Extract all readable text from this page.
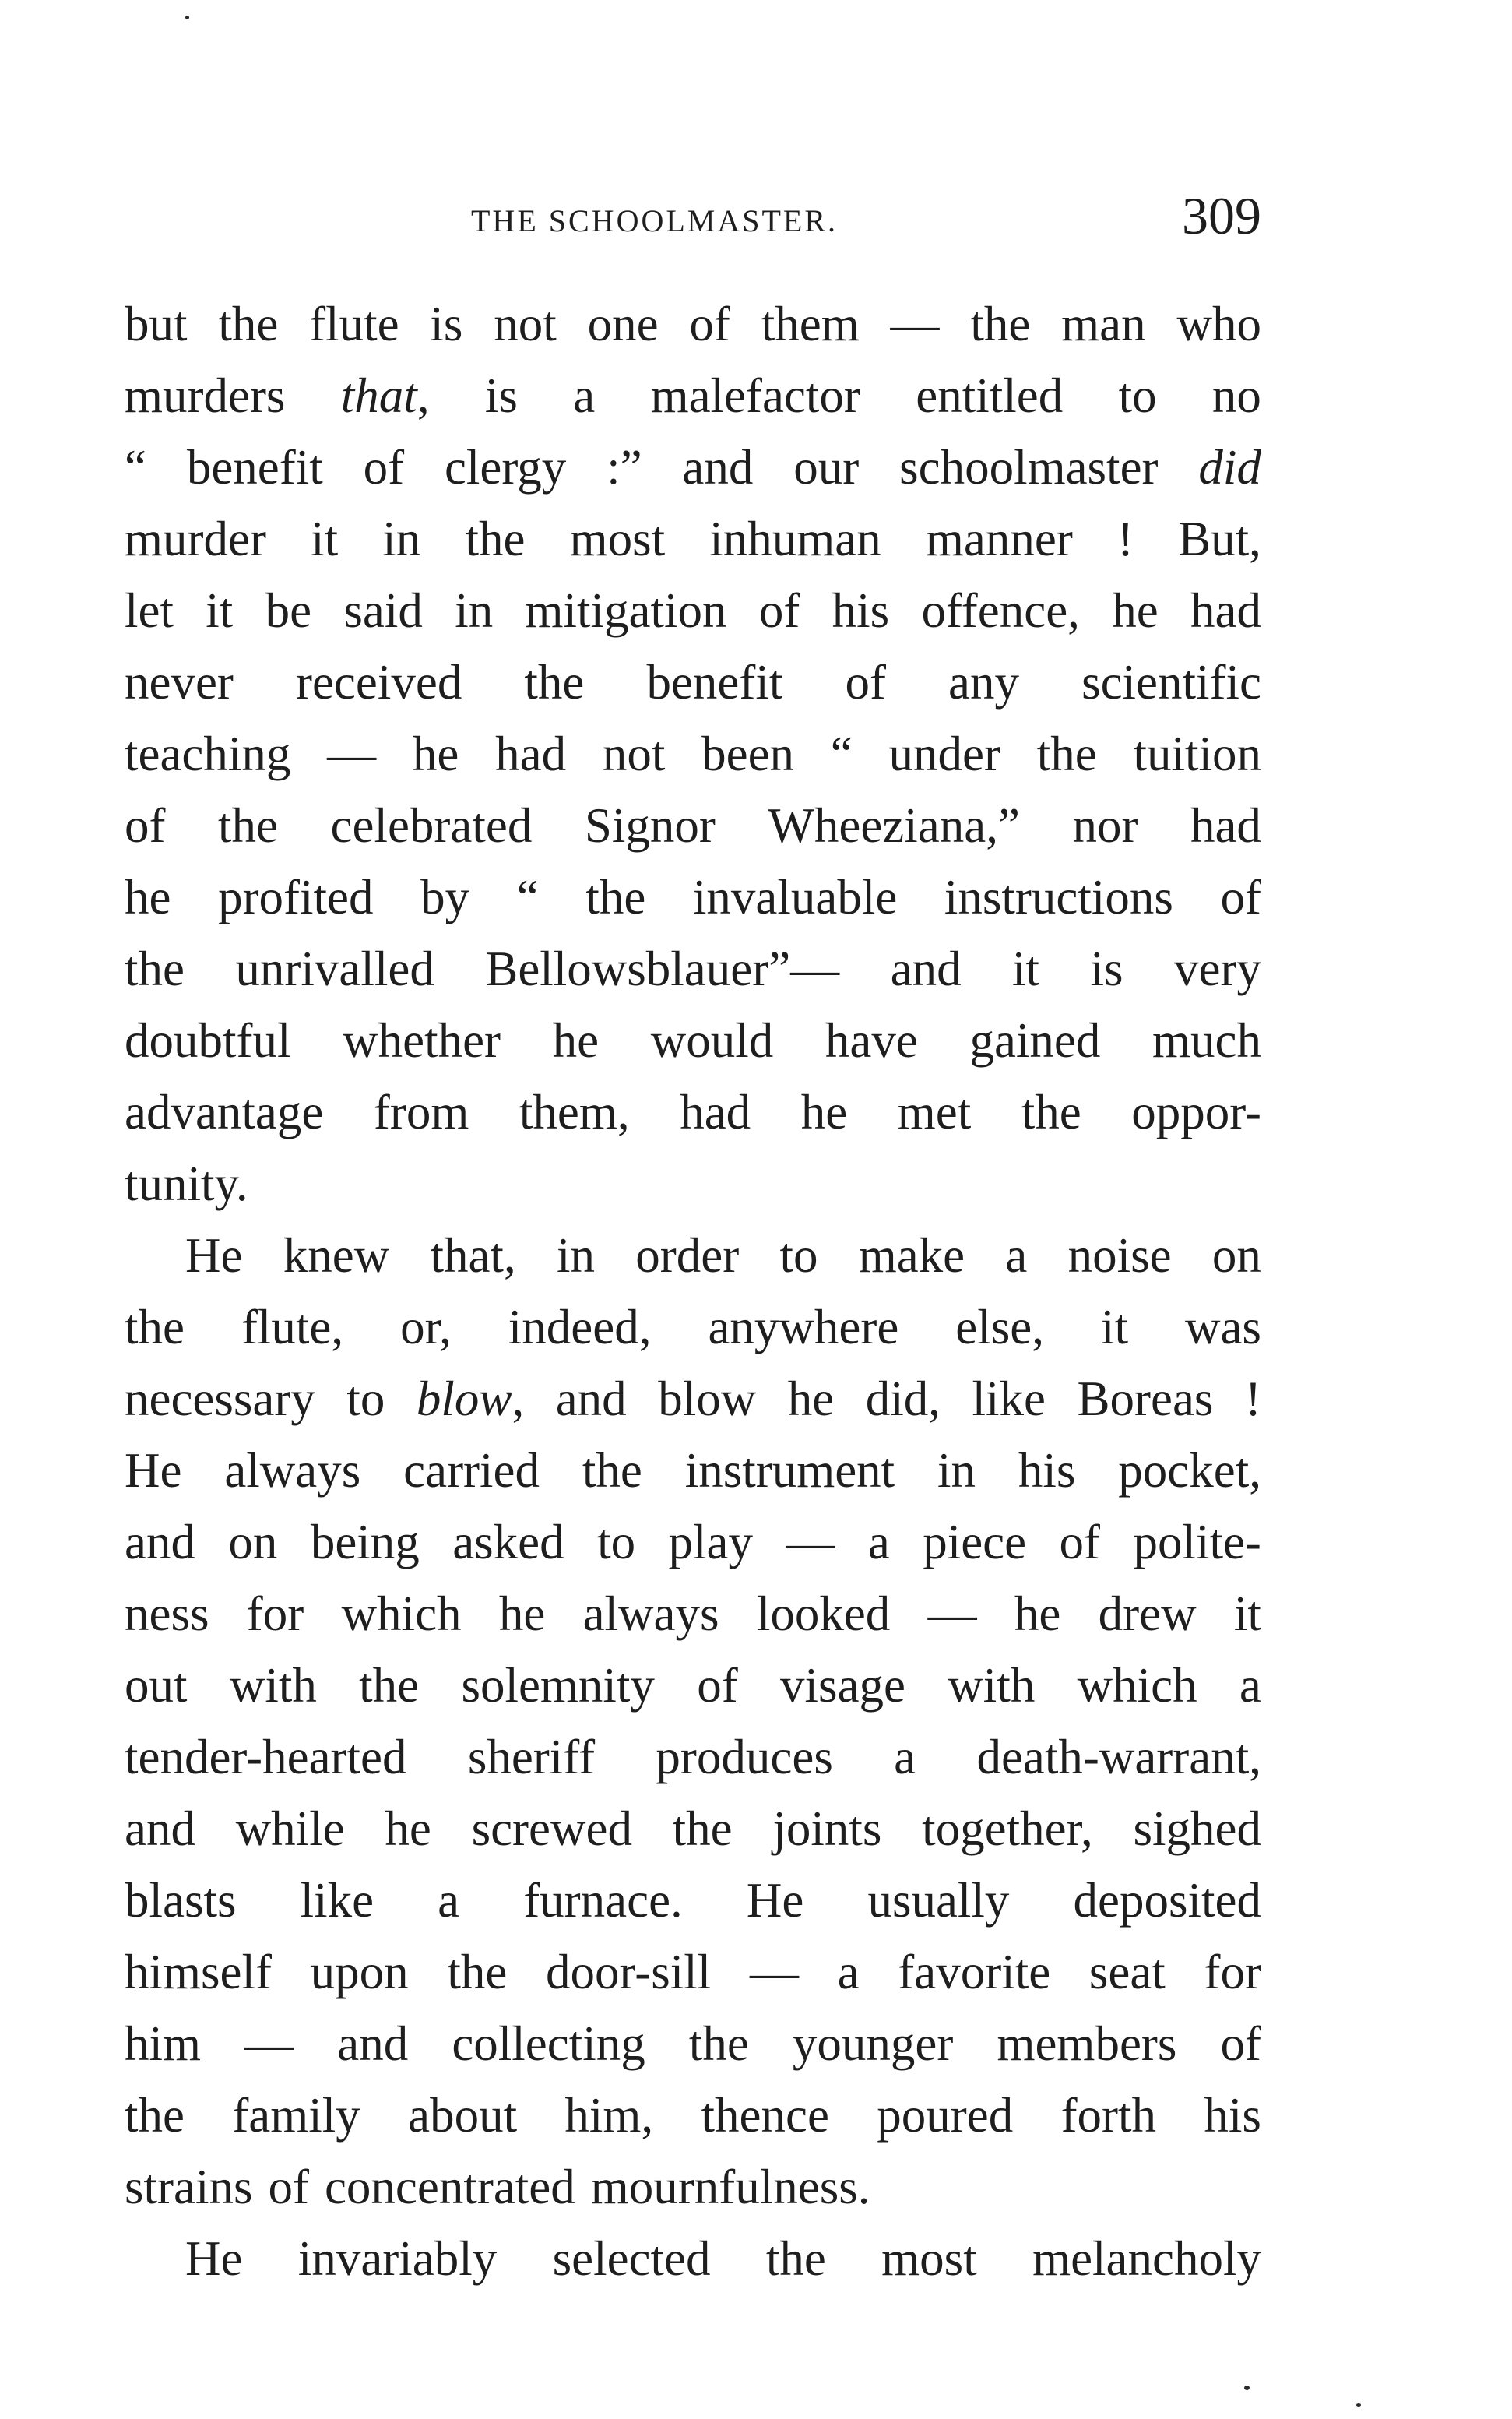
THE SCHOOLMASTER.	309
but the flute is not one of them — the man who
murders that, is a malefactor entitled to no
“ benefit of clergy :” and our schoolmaster did
murder it in the most inhuman manner ! But,
let it be said in mitigation of his offence, he had
never received the benefit of any scientific
teaching — he had not been “ under the tuition
of the celebrated Signor Wheeziana,” nor had
he profited by “ the invaluable instructions of
the unrivalled Bellowsblauer”— and it is very
doubtful whether he would have gained much
advantage from them, had he met the oppor-
tunity.
He knew that, in order to make a noise on
the flute, or, indeed, anywhere else, it was
necessary to blow, and blow he did, like Boreas !
He always carried the instrument in his pocket,
and on being asked to play — a piece of polite-
ness for which he always looked — he drew it
out with the solemnity of visage with which a
tender-hearted sheriff produces a death-warrant,
and while he screwed the joints together, sighed
blasts like a furnace. He usually deposited
himself upon the door-sill — a favorite seat for
him — and collecting the younger members of
the family about him, thence poured forth his
strains of concentrated mournfulness.
He invariably selected the most melancholy
